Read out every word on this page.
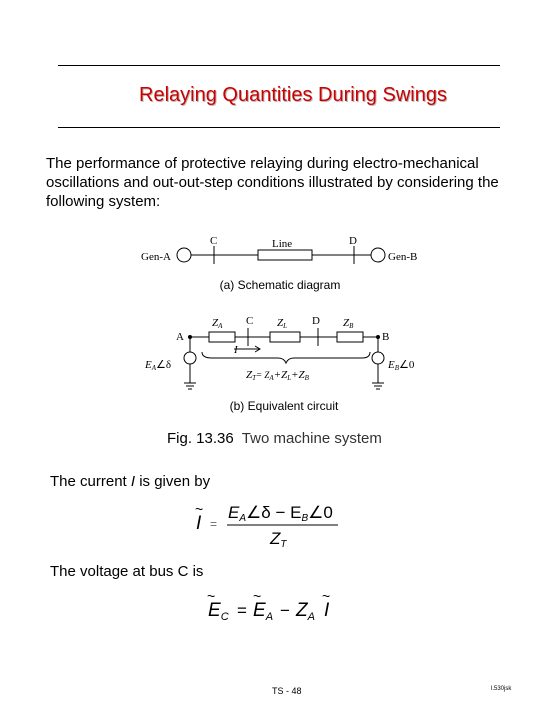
Relaying Quantities During Swings
The performance of protective relaying during electro-mechanical oscillations and out-out-step conditions illustrated by considering the following system:
Gen-A	Gen-B
C	D
Line
A	B
ZA C ZL D ZB
I
EA∠δ	EB∠0
ZT= ZA+ZL+ZB
I
~
=
EA∠δ − EB∠0
ZT
~
$E_C$ =
~
$E_A - Z_A$
~
I
(a) Schematic diagram
(b) Equivalent circuit
Fig. 13.36 Two machine system
The current I is given by
The voltage at bus C is
TS - 48	l.530jsk
